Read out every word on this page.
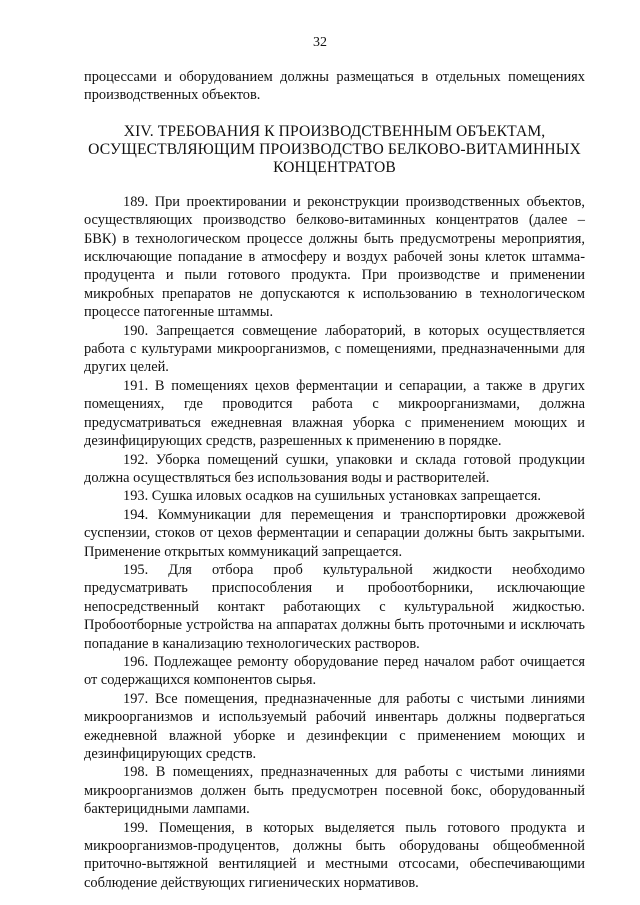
32

процессами и оборудованием должны размещаться в отдельных помещениях производственных объектов.

XIV. ТРЕБОВАНИЯ К ПРОИЗВОДСТВЕННЫМ ОБЪЕКТАМ,
ОСУЩЕСТВЛЯЮЩИМ ПРОИЗВОДСТВО БЕЛКОВО-ВИТАМИННЫХ
КОНЦЕНТРАТОВ

189. При проектировании и реконструкции производственных объектов, осуществляющих производство белково-витаминных концентратов (далее – БВК) в технологическом процессе должны быть предусмотрены мероприятия, исключающие попадание в атмосферу и воздух рабочей зоны клеток штамма-продуцента и пыли готового продукта. При производстве и применении микробных препаратов не допускаются к использованию в технологическом процессе патогенные штаммы.

190. Запрещается совмещение лабораторий, в которых осуществляется работа с культурами микроорганизмов, с помещениями, предназначенными для других целей.

191. В помещениях цехов ферментации и сепарации, а также в других помещениях, где проводится работа с микроорганизмами, должна предусматриваться ежедневная влажная уборка с применением моющих и дезинфицирующих средств, разрешенных к применению в порядке.

192. Уборка помещений сушки, упаковки и склада готовой продукции должна осуществляться без использования воды и растворителей.

193. Сушка иловых осадков на сушильных установках запрещается.

194. Коммуникации для перемещения и транспортировки дрожжевой суспензии, стоков от цехов ферментации и сепарации должны быть закрытыми. Применение открытых коммуникаций запрещается.

195. Для отбора проб культуральной жидкости необходимо предусматривать приспособления и пробоотборники, исключающие непосредственный контакт работающих с культуральной жидкостью. Пробоотборные устройства на аппаратах должны быть проточными и исключать попадание в канализацию технологических растворов.

196. Подлежащее ремонту оборудование перед началом работ очищается от содержащихся компонентов сырья.

197. Все помещения, предназначенные для работы с чистыми линиями микроорганизмов и используемый рабочий инвентарь должны подвергаться ежедневной влажной уборке и дезинфекции с применением моющих и дезинфицирующих средств.

198. В помещениях, предназначенных для работы с чистыми линиями микроорганизмов должен быть предусмотрен посевной бокс, оборудованный бактерицидными лампами.

199. Помещения, в которых выделяется пыль готового продукта и микроорганизмов-продуцентов, должны быть оборудованы общеобменной приточно-вытяжной вентиляцией и местными отсосами, обеспечивающими соблюдение действующих гигиенических нормативов.
